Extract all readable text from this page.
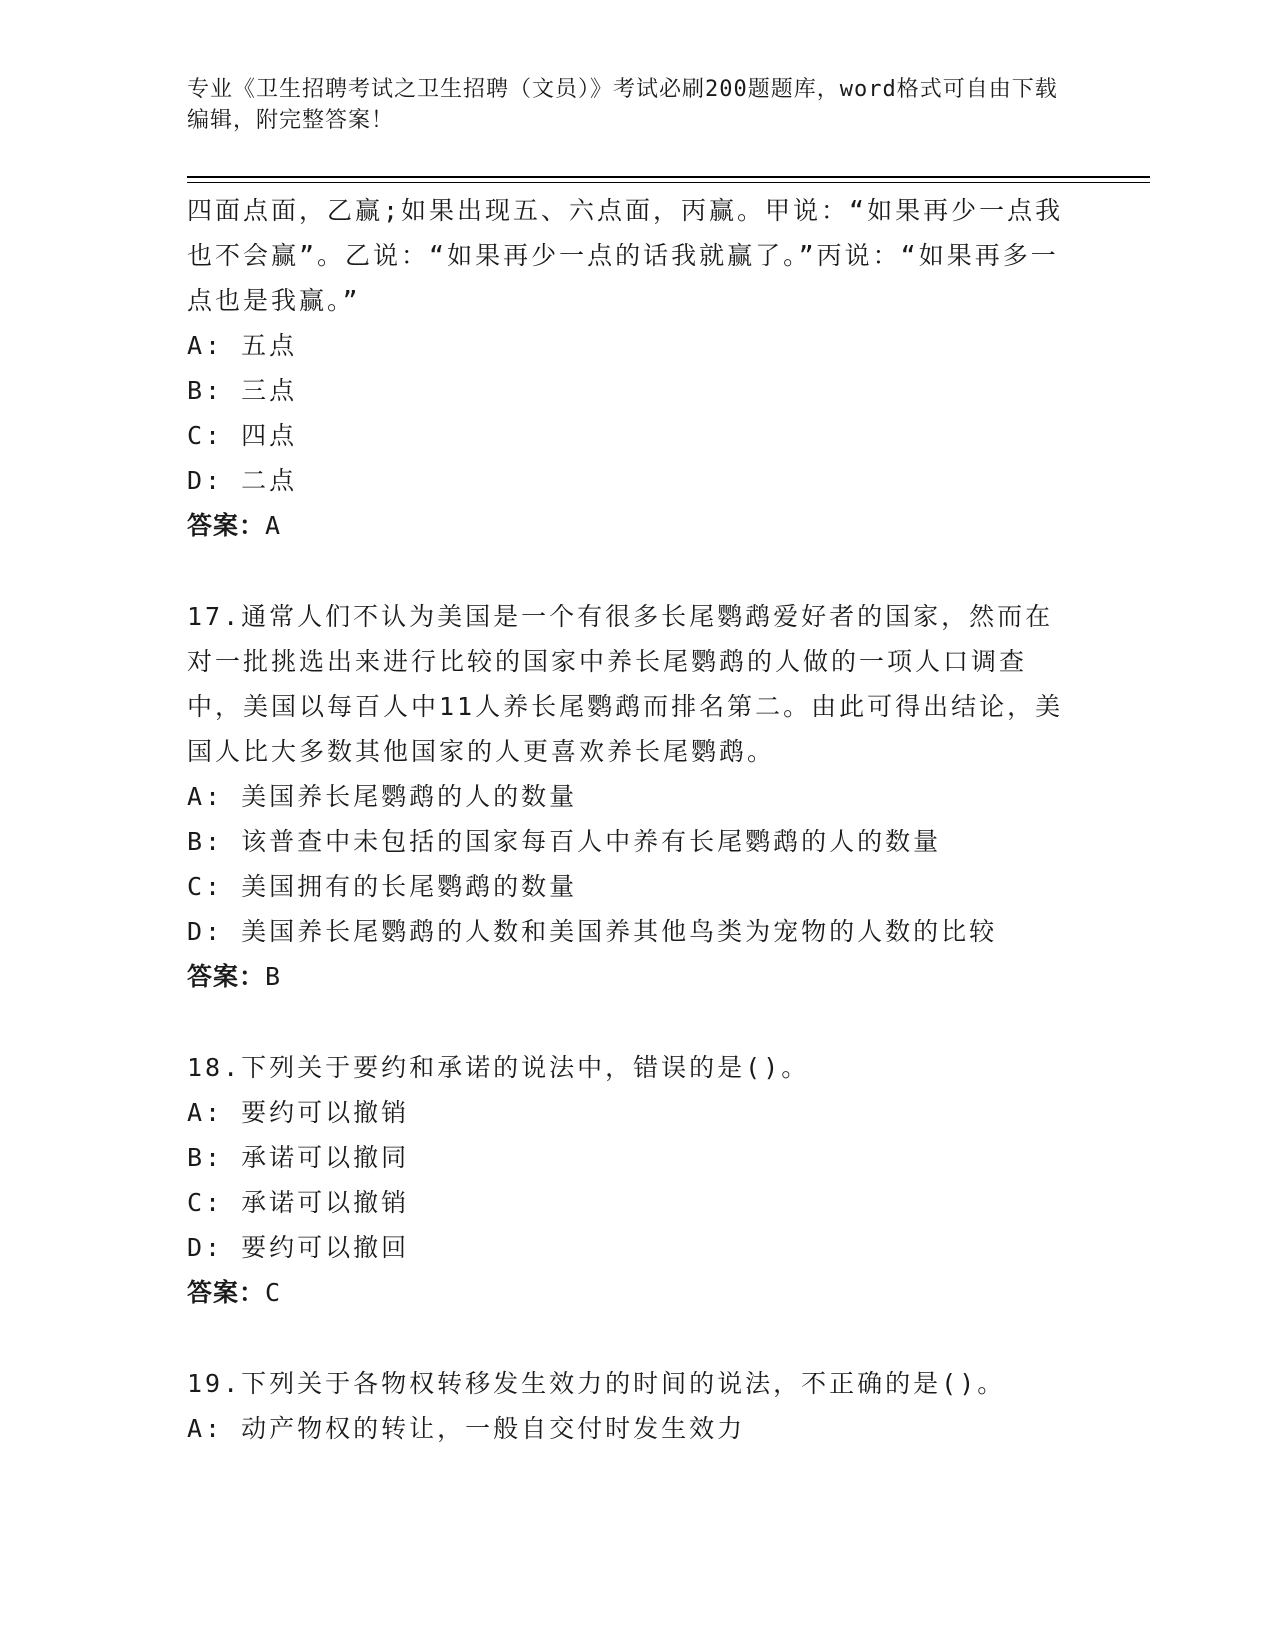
专业《卫生招聘考试之卫生招聘（文员）》考试必刷200题题库，word格式可自由下载编辑，附完整答案！

四面点面，乙赢;如果出现五、六点面，丙赢。甲说：“如果再少一点我也不会赢”。乙说：“如果再少一点的话我就赢了。”丙说：“如果再多一点也是我赢。”

A: 五点

B: 三点

C: 四点

D: 二点

答案：A

17.通常人们不认为美国是一个有很多长尾鹦鹉爱好者的国家，然而在对一批挑选出来进行比较的国家中养长尾鹦鹉的人做的一项人口调查中，美国以每百人中11人养长尾鹦鹉而排名第二。由此可得出结论，美国人比大多数其他国家的人更喜欢养长尾鹦鹉。

A: 美国养长尾鹦鹉的人的数量

B: 该普查中未包括的国家每百人中养有长尾鹦鹉的人的数量

C: 美国拥有的长尾鹦鹉的数量

D: 美国养长尾鹦鹉的人数和美国养其他鸟类为宠物的人数的比较

答案：B

18.下列关于要约和承诺的说法中，错误的是()。

A: 要约可以撤销

B: 承诺可以撤同

C: 承诺可以撤销

D: 要约可以撤回

答案：C

19.下列关于各物权转移发生效力的时间的说法，不正确的是()。

A: 动产物权的转让，一般自交付时发生效力
